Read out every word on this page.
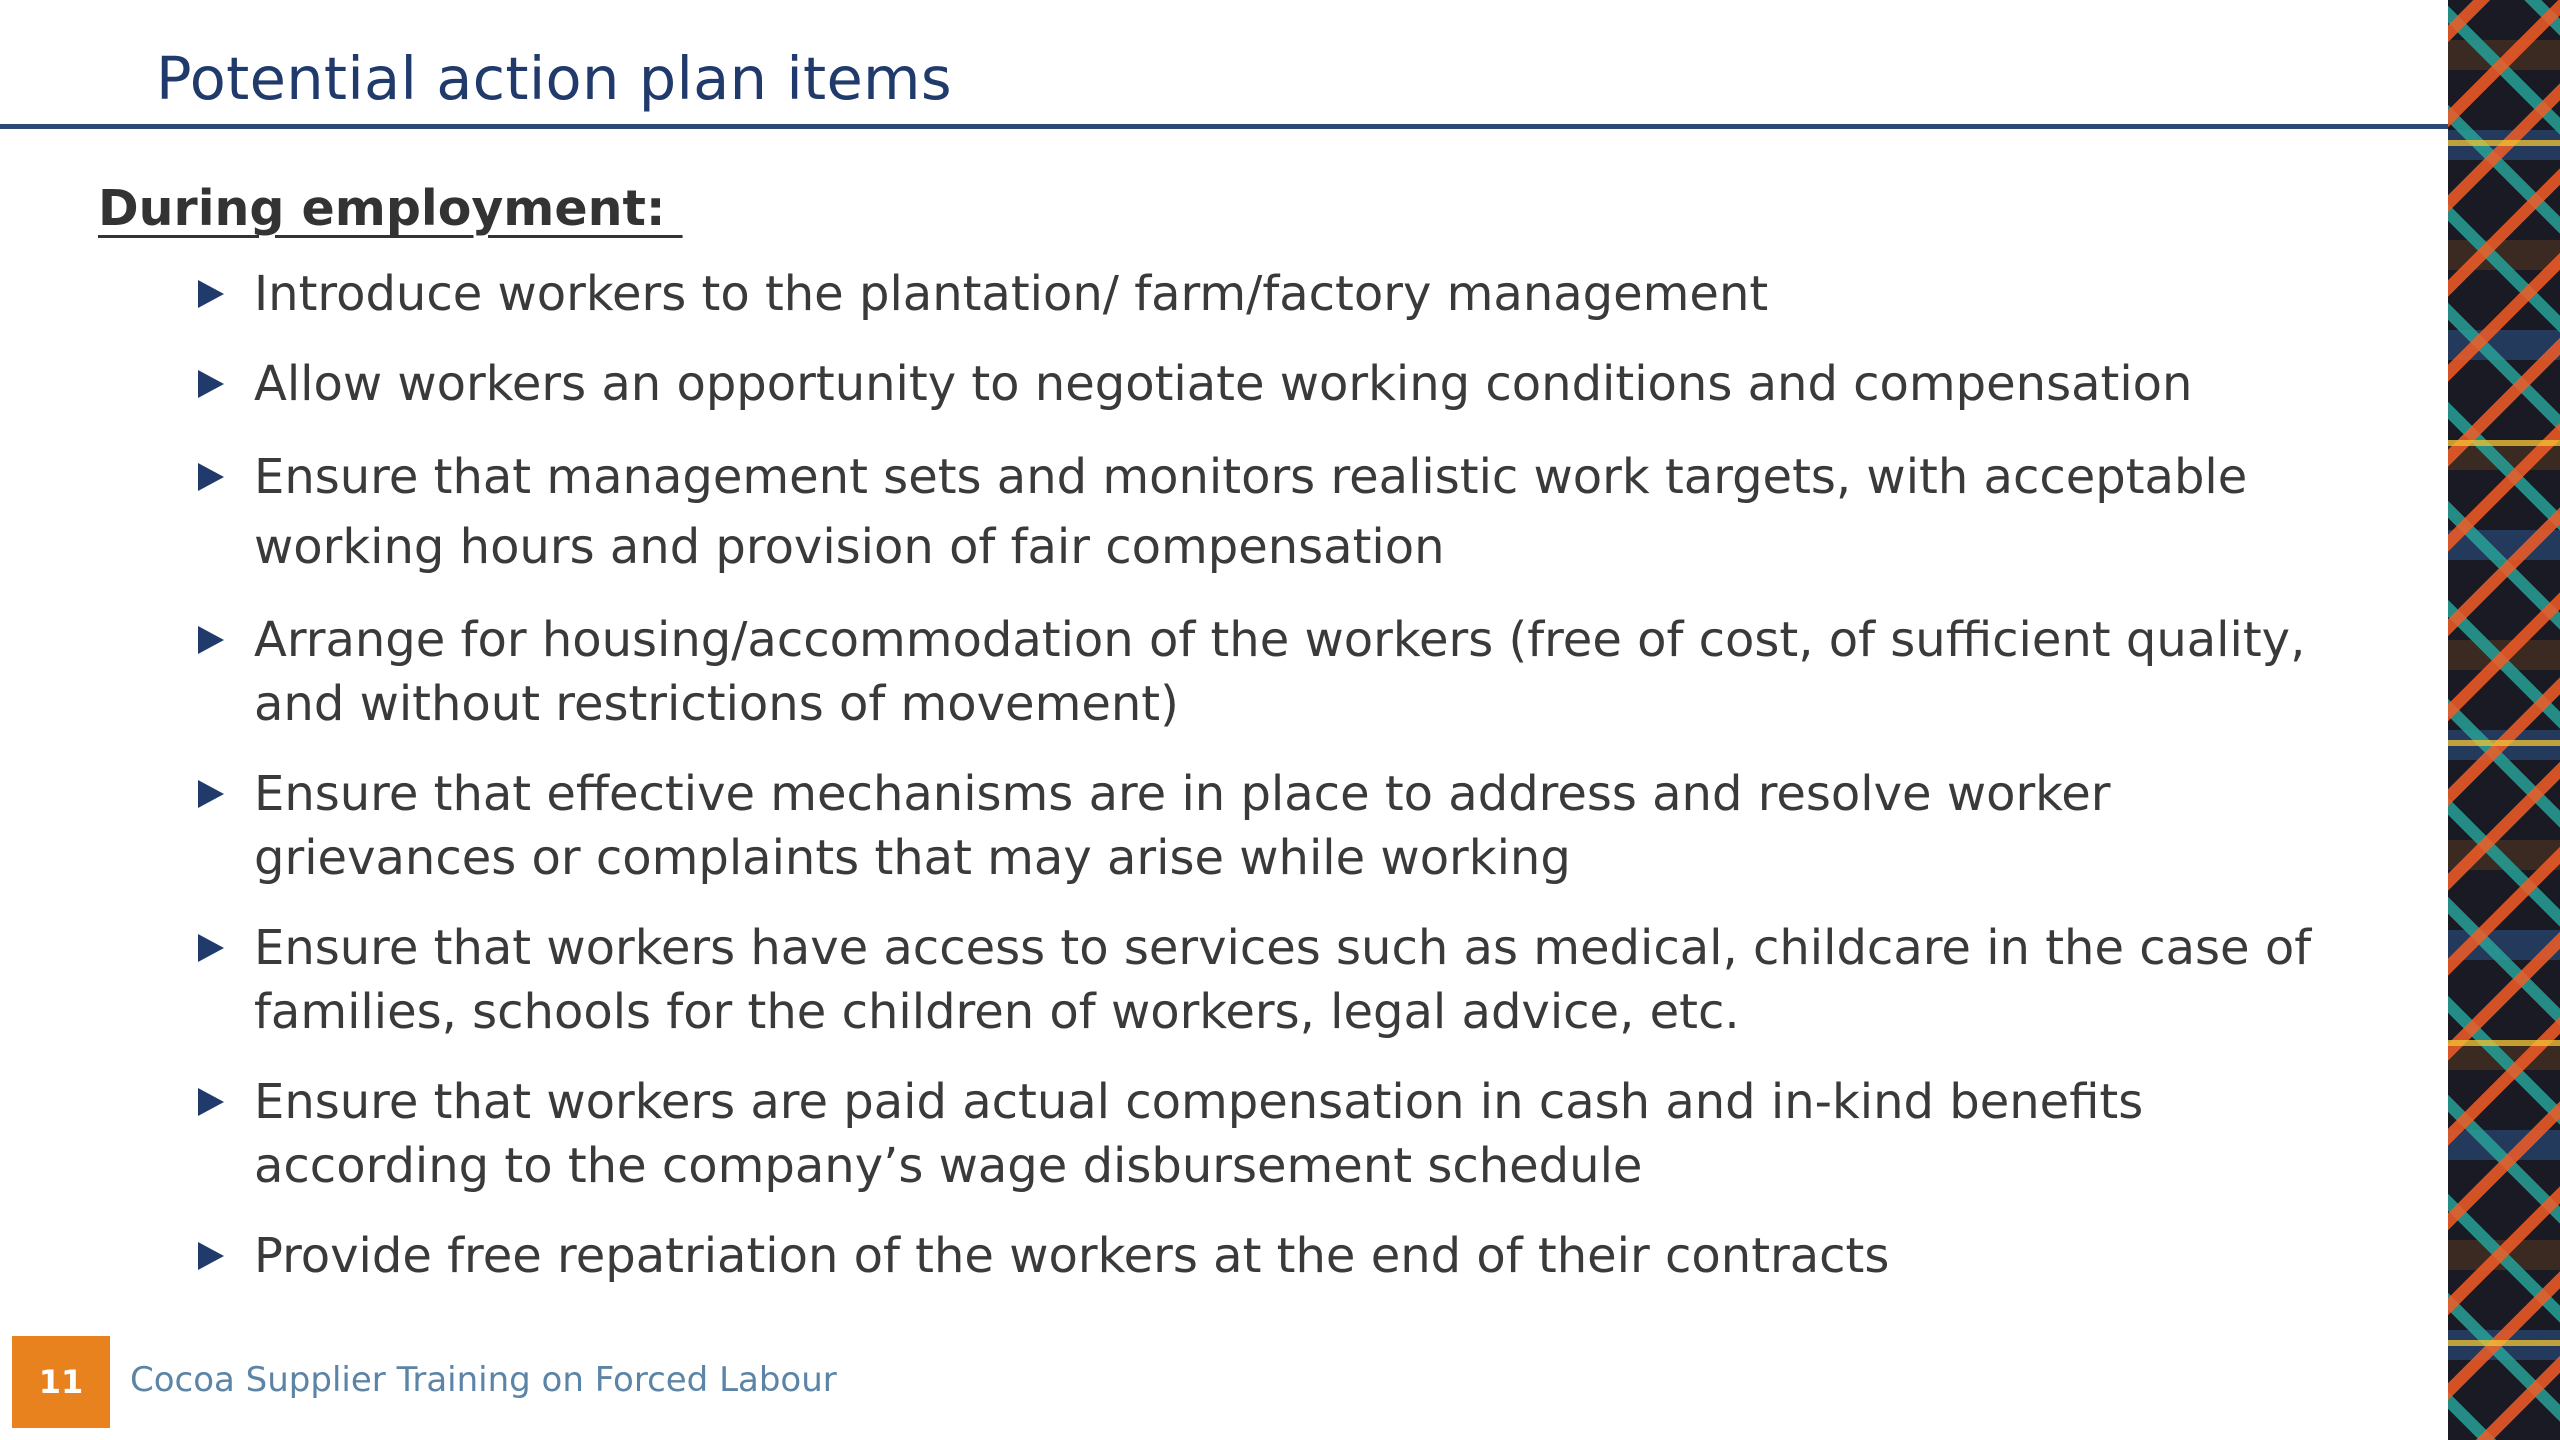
Potential action plan items
During employment:
Introduce workers to the plantation/ farm/factory management
Allow workers an opportunity to negotiate working conditions and compensation
Ensure that management sets and monitors realistic work targets, with acceptable working hours and provision of fair compensation
Arrange for housing/accommodation of the workers (free of cost, of sufficient quality, and without restrictions of movement)
Ensure that effective mechanisms are in place to address and resolve worker grievances or complaints that may arise while working
Ensure that workers have access to services such as medical, childcare in the case of families, schools for the children of workers, legal advice, etc.
Ensure that workers are paid actual compensation in cash and in-kind benefits according to the company’s wage disbursement schedule
Provide free repatriation of the workers at the end of their contracts
11	Cocoa Supplier Training on Forced Labour
